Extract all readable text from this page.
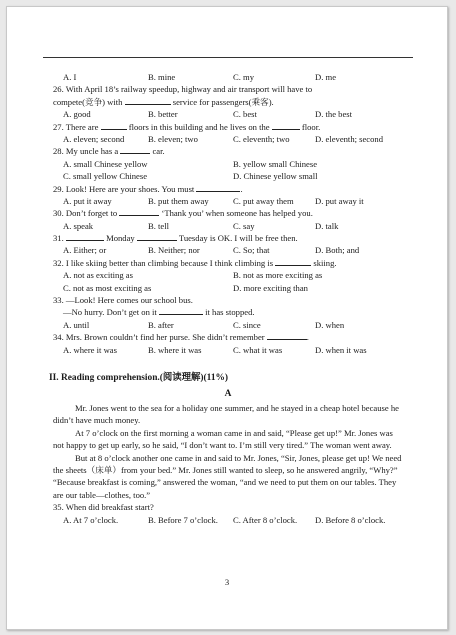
A. I	B. mine	C. my	D. me
26. With April 18’s railway speedup, highway and air transport will have to
compete(竞争) with	service for passengers(乘客).
A. good	B. better	C. best	D. the best
27. There are	floors in this building and he lives on the	floor.
A. eleven; second	B. eleven; two	C. eleventh; two	D. eleventh; second
28. My uncle has a	car.
A. small Chinese yellow	B. yellow small Chinese
C. small yellow Chinese	D. Chinese yellow small
29. Look! Here are your shoes. You must	.
A. put it away	B. put them away	C. put away them D. put away it
30. Don’t forget to	‘Thank you’ when someone has helped you.
A. speak	B. tell	C. say	D. talk
31.	Monday	Tuesday is OK. I will be free then.
A. Either; or	B. Neither; nor	C. So; that	D. Both; and
32. I like skiing better than climbing because I think climbing is	skiing.
A. not as exciting as	B. not as more exciting as
C. not as most exciting as	D. more exciting than
33. —Look! Here comes our school bus.
—No hurry. Don’t get on it	it has stopped.
A. until	B. after	C. since	D. when
34. Mrs. Brown couldn’t find her purse. She didn’t remember	.
A. where it was	B. where it was	C. what it was	D. when it was
II. Reading comprehension.(阅读理解)(11%)
A

Mr. Jones went to the sea for a holiday one summer, and he stayed in a cheap hotel because he didn’t have much money.

At 7 o’clock on the first morning a woman came in and said, “Please get up!” Mr. Jones was not happy to get up early, so he said, “I don’t want to. I’m still very tired.” The woman went away.

But at 8 o’clock another one came in and said to Mr. Jones, “Sir, Jones, please get up! We need the sheets（床单）from your bed.” Mr. Jones still wanted to sleep, so he answered angrily, “Why?” “Because breakfast is coming,” answered the woman, “and we need to put them on our tables. They are our table—clothes, too.”

35. When did breakfast start?
A. At 7 o’clock.	B. Before 7 o’clock. C. After 8 o’clock. D. Before 8 o’clock.
3
